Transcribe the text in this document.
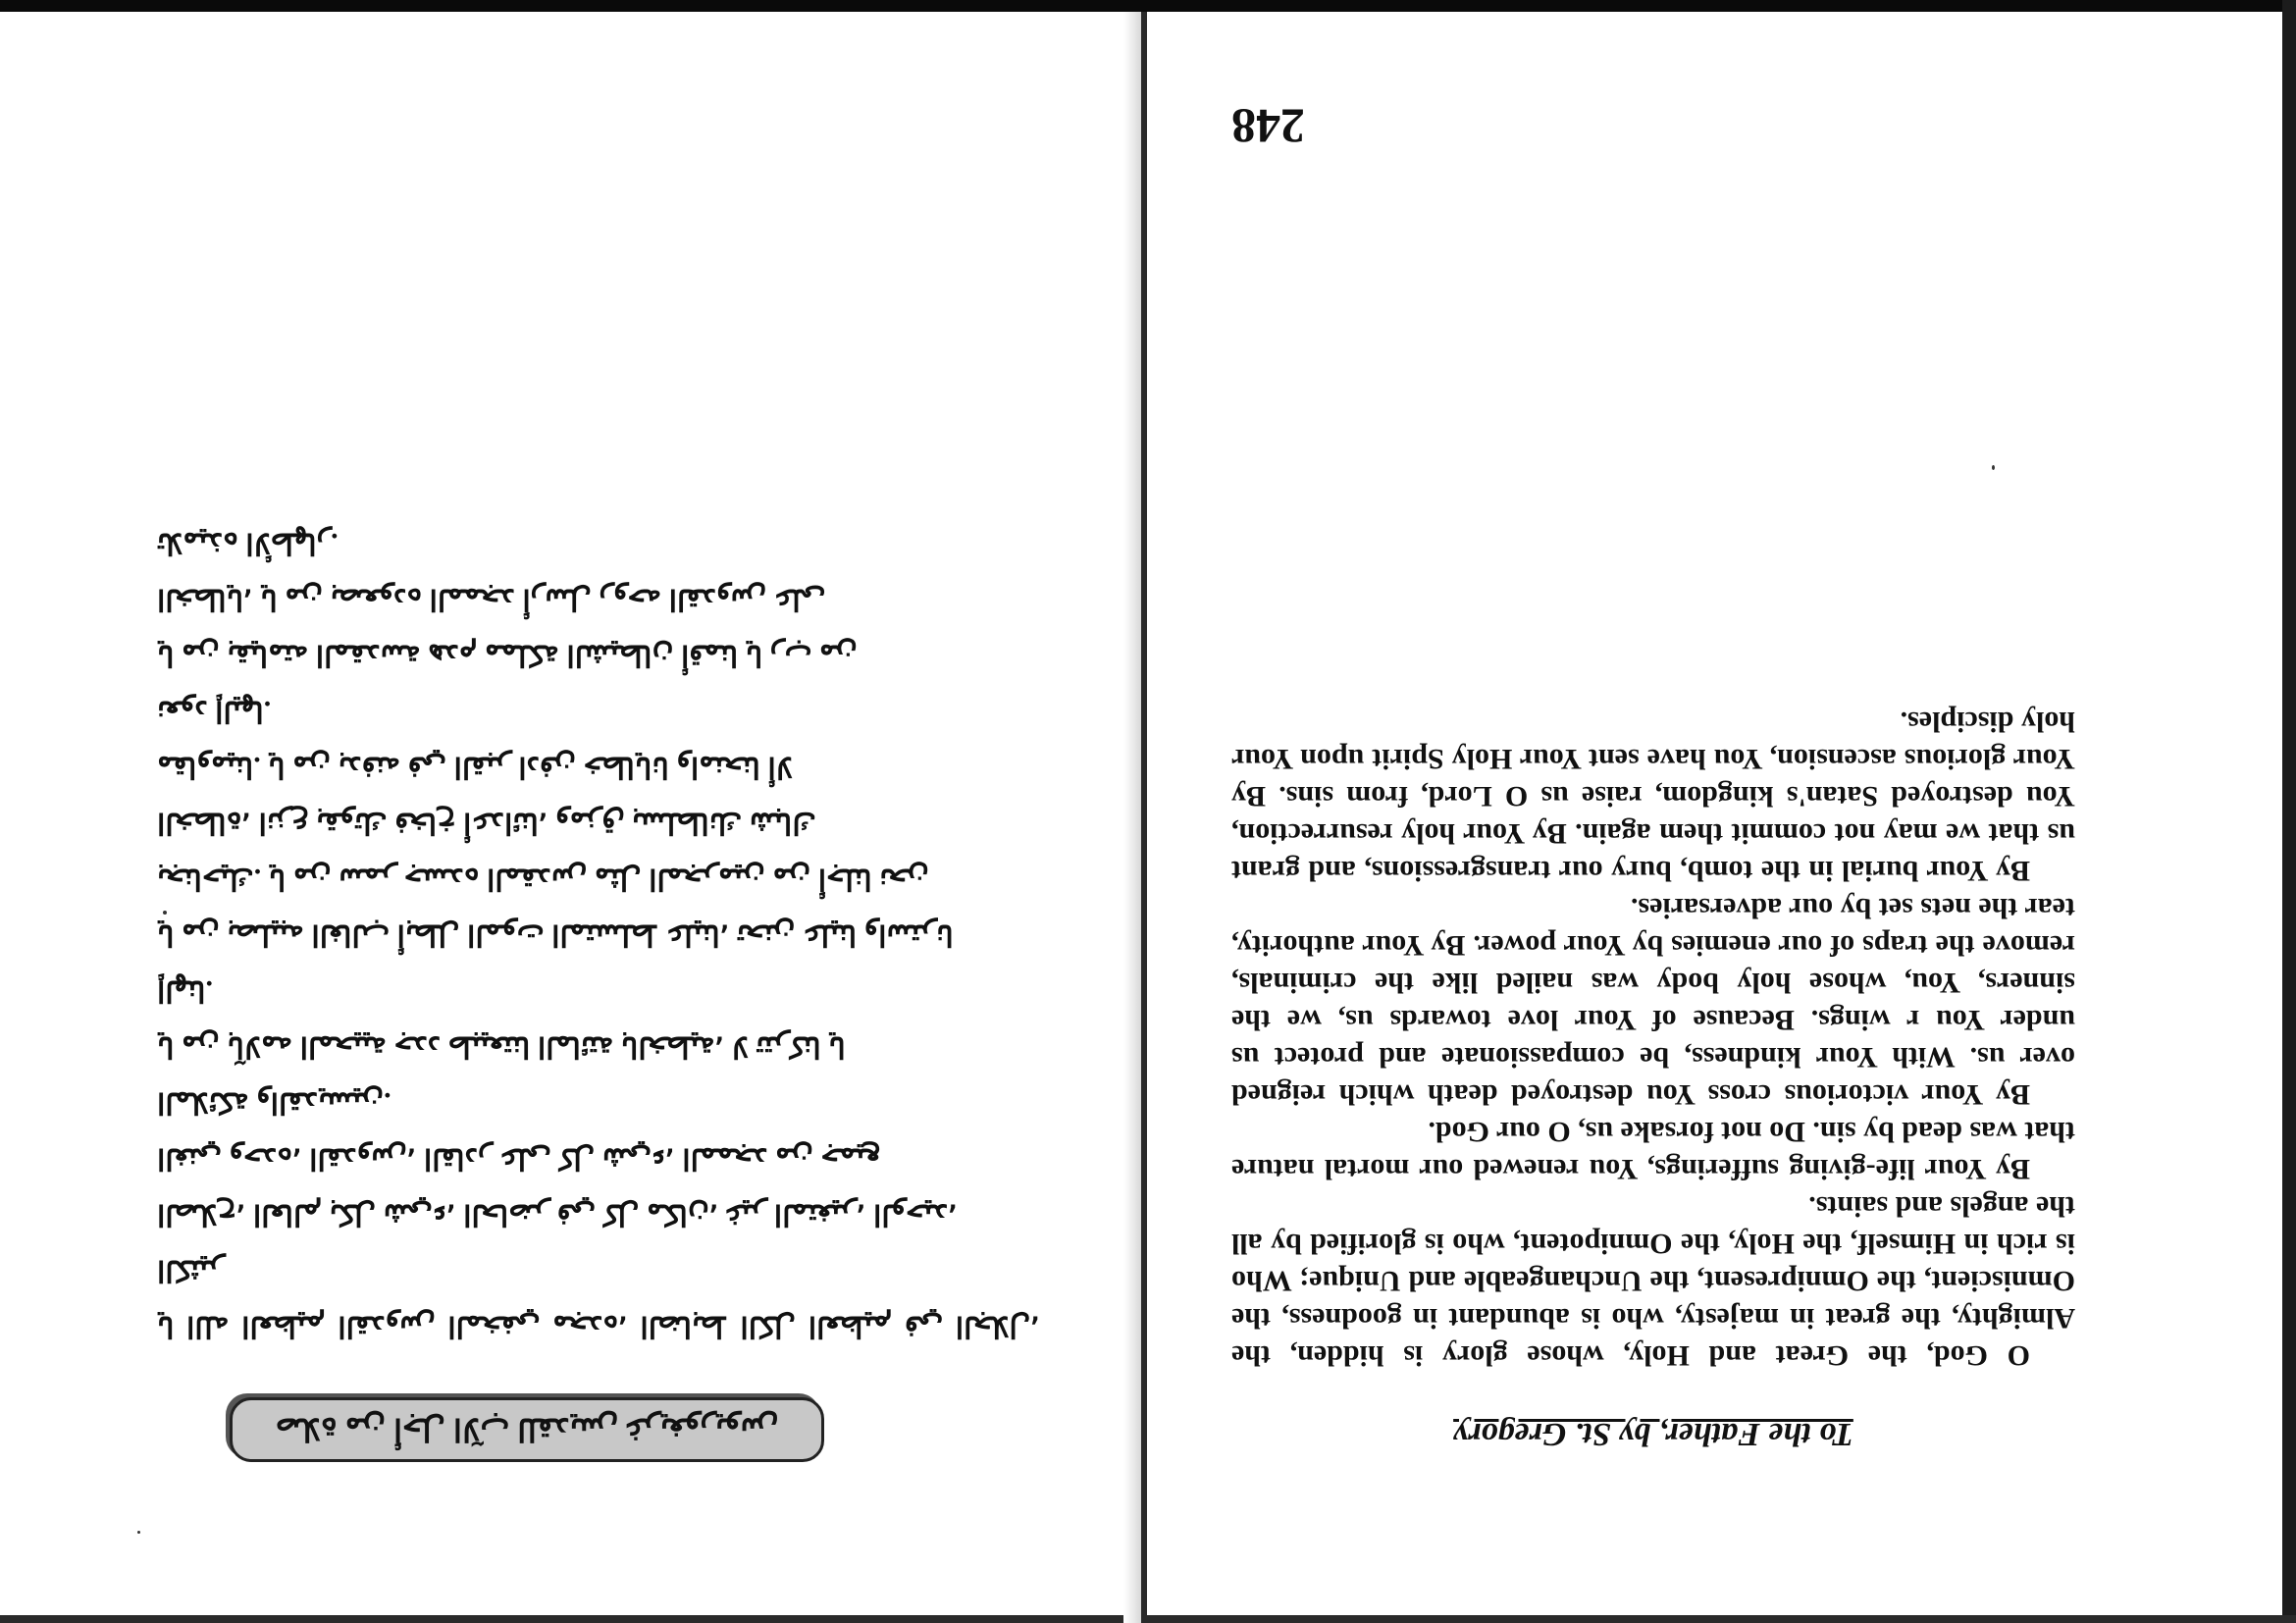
248
To the Father, by St. Gregory

O God, the Great and Holy, whose glory is hidden, the Almighty, the great in majesty, who is abundant in goodness, the Omniscient, the Omnipresent, the Unchangeable and Unique; Who is rich in Himself, the Holy, the Omnipotent, who is glorified by all the angels and saints.

By Your life-giving sufferings, You renewed our mortal nature that was dead by sin. Do not forsake us, O our God.

By Your victorious cross You destroyed death which reigned over us. With Your kindness, be compassionate and protect us under You r wings. Because of Your love towards us, we the sinners, You, whose holy body was nailed like the criminals, remove the traps of our enemies by Your power. By Your authority, tear the nets set by our adversaries.

By Your burial in the tomb, bury our transgressions, and grant us that we may not commit them again. By Your holy resurrection, You destroyed Satan's kingdom, raise us O Lord, from sins. By Your glorious ascension, You have sent Your Holy Spirit upon Your holy disciples.

صلاة من أجل الآب للقديس غريغوريوس

يا الله العظيم القدوس المخفي مجده، الضابط الكل العظيم في الجلال، الكثير

الصلاح، العالم بكل شيء، الحاضر في كل مكان، غير المتغير، الوحيد،

الغني وحده، القدوس، القادر على كل شيء، الممجد من جميع

الملائكة والقديسين.

يا من بآلامه المحيية جدد طبيعتنا المائتة بالخطية، لا تتركنا يا

إلهنا.

يا من بصليبه الغالب أبطل الموت المتسلط علينا، تحنن علينا واسترنا

بجناحيك. يا من سمر جسده المقدس مثل المجرمين من أجلنا نحن

الخطاة، انزع بقوتك فخاخ أعدائنا، ومزق بسلطانك شباك

مقاومينا. يا من بدفنه في القبر ادفن خطايانا وامنحنا ألا

نعود إليها.

يا من بقيامته المقدسة هدم مملكة الشيطان أقمنا يا رب من

الخطايا، يا من بصعوده الممجد أرسل روحه القدوس على

تلاميذه الأطهار.
